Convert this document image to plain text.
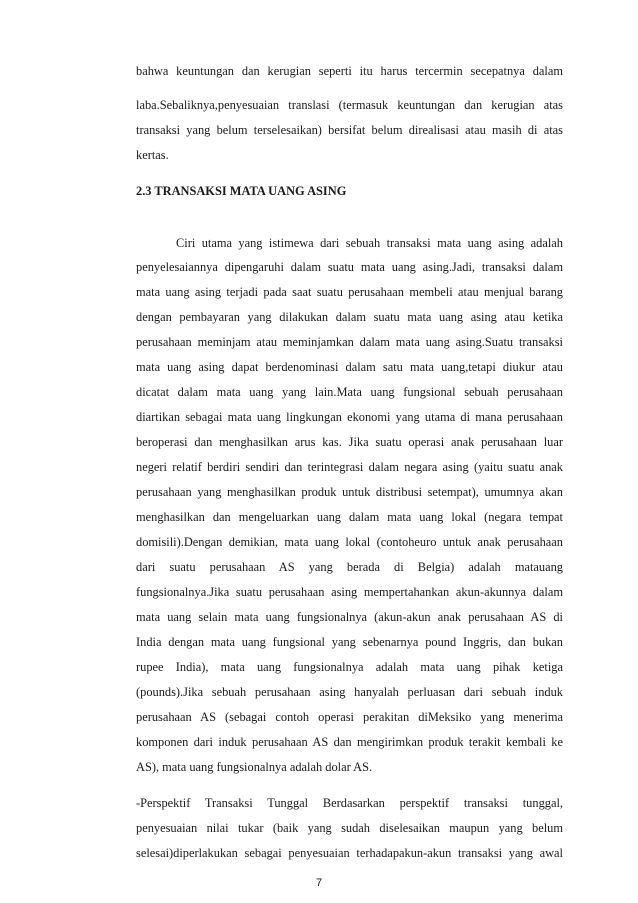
bahwa keuntungan dan kerugian seperti itu harus tercermin secepatnya dalam
laba.Sebaliknya,penyesuaian translasi (termasuk keuntungan dan kerugian atas
transaksi yang belum terselesaikan) bersifat belum direalisasi atau masih di atas
kertas.
2.3 TRANSAKSI MATA UANG ASING
Ciri utama yang istimewa dari sebuah transaksi mata uang asing adalah
penyelesaiannya dipengaruhi dalam suatu mata uang asing.Jadi, transaksi dalam
mata uang asing terjadi pada saat suatu perusahaan membeli atau menjual barang
dengan pembayaran yang dilakukan dalam suatu mata uang asing atau ketika
perusahaan meminjam atau meminjamkan dalam mata uang asing.Suatu transaksi
mata uang asing dapat berdenominasi dalam satu mata uang,tetapi diukur atau
dicatat dalam mata uang yang lain.Mata uang fungsional sebuah perusahaan
diartikan sebagai mata uang lingkungan ekonomi yang utama di mana perusahaan
beroperasi dan menghasilkan arus kas. Jika suatu operasi anak perusahaan luar
negeri relatif berdiri sendiri dan terintegrasi dalam negara asing (yaitu suatu anak
perusahaan yang menghasilkan produk untuk distribusi setempat), umumnya akan
menghasilkan dan mengeluarkan uang dalam mata uang lokal (negara tempat
domisili).Dengan demikian, mata uang lokal (contoheuro untuk anak perusahaan
dari suatu perusahaan AS yang berada di Belgia) adalah matauang
fungsionalnya.Jika suatu perusahaan asing mempertahankan akun-akunnya dalam
mata uang selain mata uang fungsionalnya (akun-akun anak perusahaan AS di
India dengan mata uang fungsional yang sebenarnya pound Inggris, dan bukan
rupee India), mata uang fungsionalnya adalah mata uang pihak ketiga
(pounds).Jika sebuah perusahaan asing hanyalah perluasan dari sebuah induk
perusahaan AS (sebagai contoh operasi perakitan diMeksiko yang menerima
komponen dari induk perusahaan AS dan mengirimkan produk terakit kembali ke
AS), mata uang fungsionalnya adalah dolar AS.
-Perspektif Transaksi Tunggal Berdasarkan perspektif transaksi tunggal,
penyesuaian nilai tukar (baik yang sudah diselesaikan maupun yang belum
selesai)diperlakukan sebagai penyesuaian terhadapakun-akun transaksi yang awal
7
